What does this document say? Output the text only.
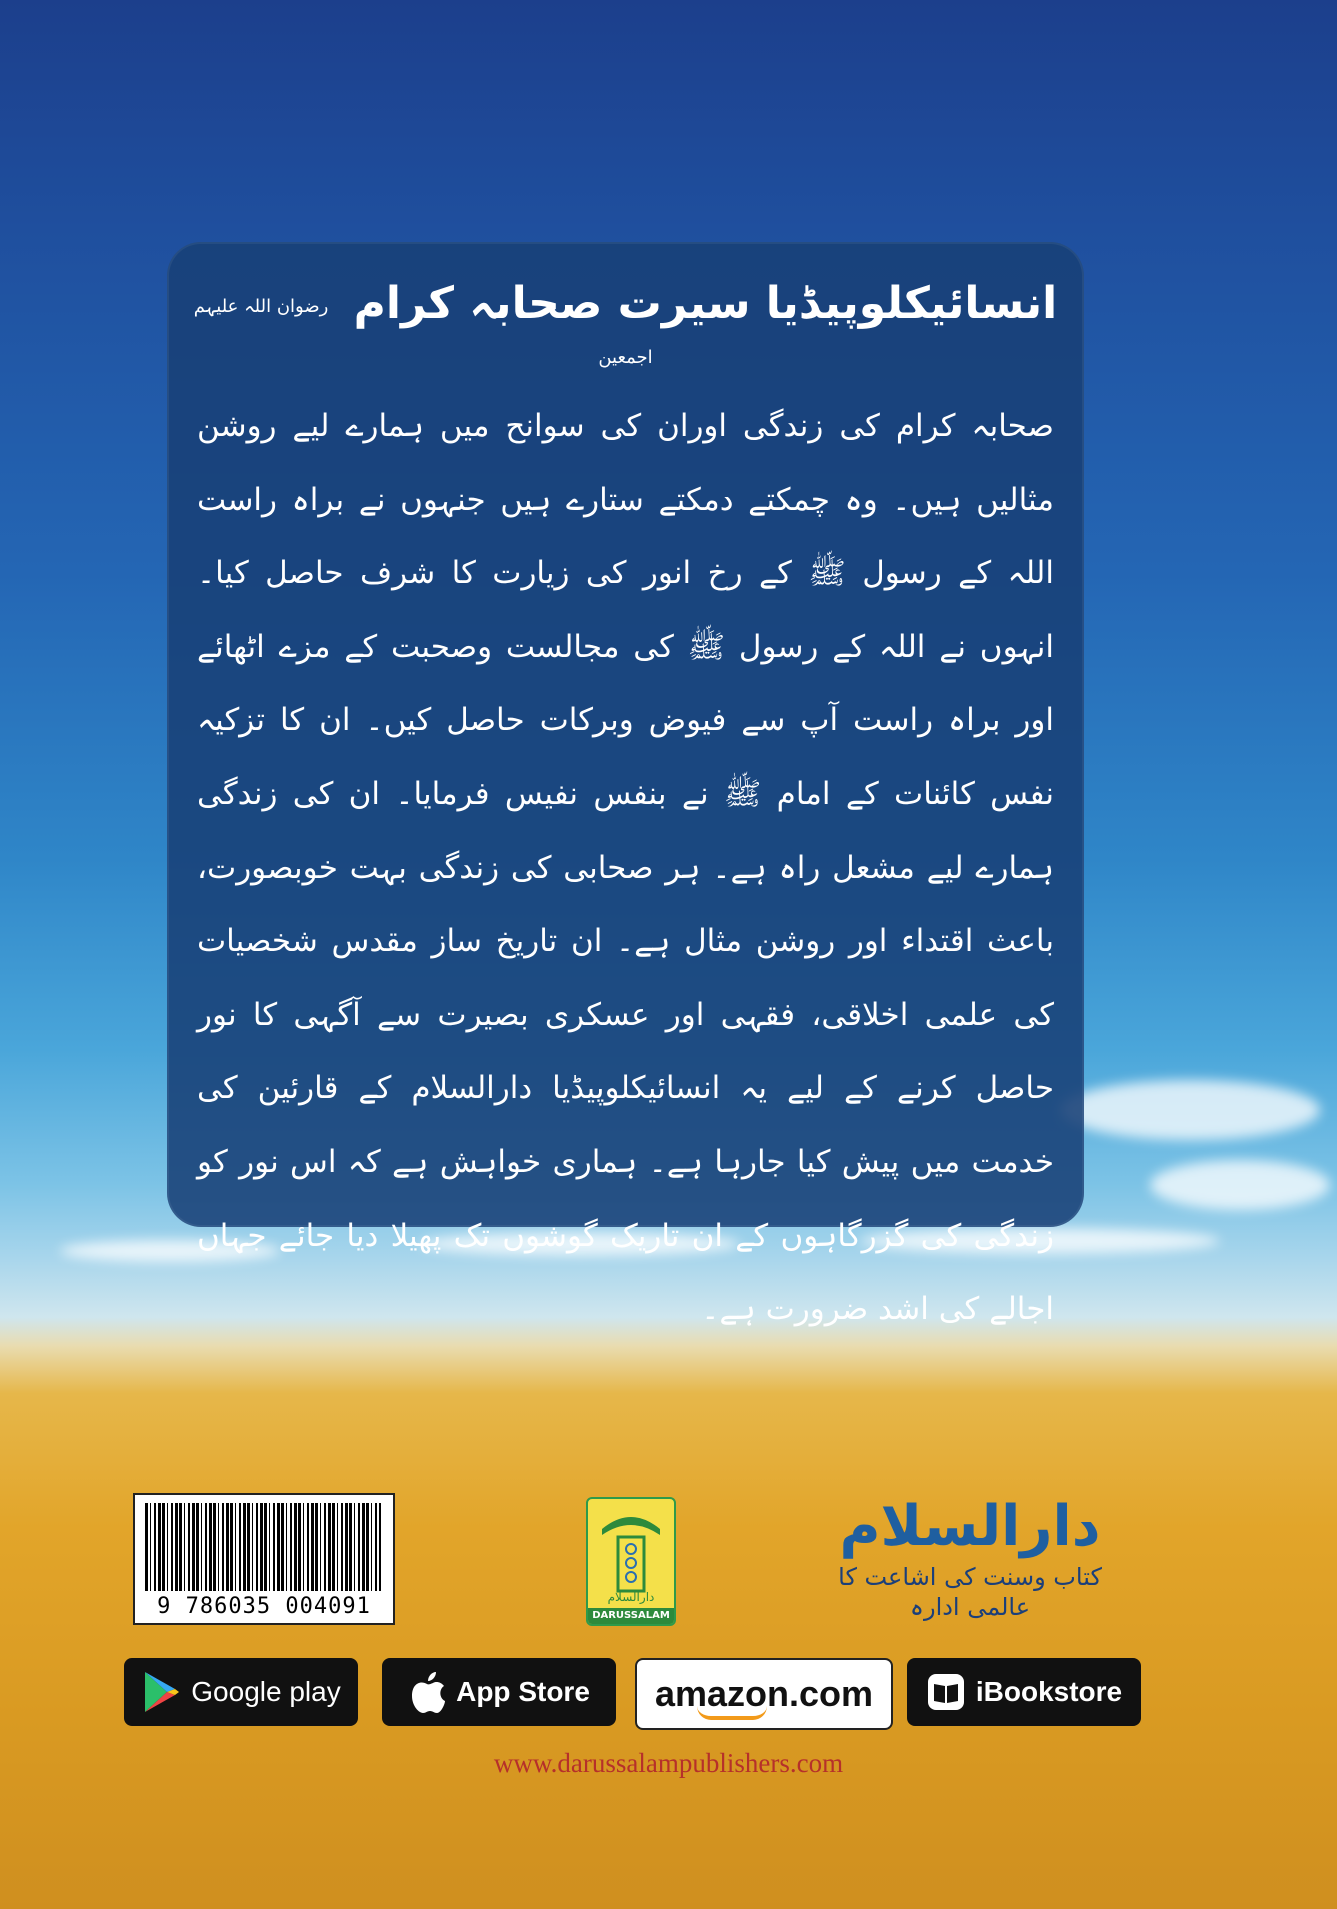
انسائیکلوپیڈیا سیرت صحابہ کرام رضوان اللہ علیہم اجمعین
صحابہ کرام کی زندگی اوران کی سوانح میں ہمارے لیے روشن مثالیں ہیں۔ وہ چمکتے دمکتے ستارے ہیں جنہوں نے براہ راست اللہ کے رسول ﷺ کے رخ انور کی زیارت کا شرف حاصل کیا۔ انہوں نے اللہ کے رسول ﷺ کی مجالست وصحبت کے مزے اٹھائے اور براہ راست آپ سے فیوض وبرکات حاصل کیں۔ ان کا تزکیہ نفس کائنات کے امام ﷺ نے بنفس نفیس فرمایا۔ ان کی زندگی ہمارے لیے مشعل راہ ہے۔ ہر صحابی کی زندگی بہت خوبصورت، باعث اقتداء اور روشن مثال ہے۔ ان تاریخ ساز مقدس شخصیات کی علمی اخلاقی، فقہی اور عسکری بصیرت سے آگہی کا نور حاصل کرنے کے لیے یہ انسائیکلوپیڈیا دارالسلام کے قارئین کی خدمت میں پیش کیا جارہا ہے۔ ہماری خواہش ہے کہ اس نور کو زندگی کی گزرگاہوں کے ان تاریک گوشوں تک پھیلا دیا جائے جہاں اجالے کی اشد ضرورت ہے۔
9 786035 004091	دارالسلام
DARUSSALAM
دارالسلام
کتاب وسنت کی اشاعت کا عالمی ادارہ
Google play	App Store amazon.com	iBookstore
www.darussalampublishers.com
